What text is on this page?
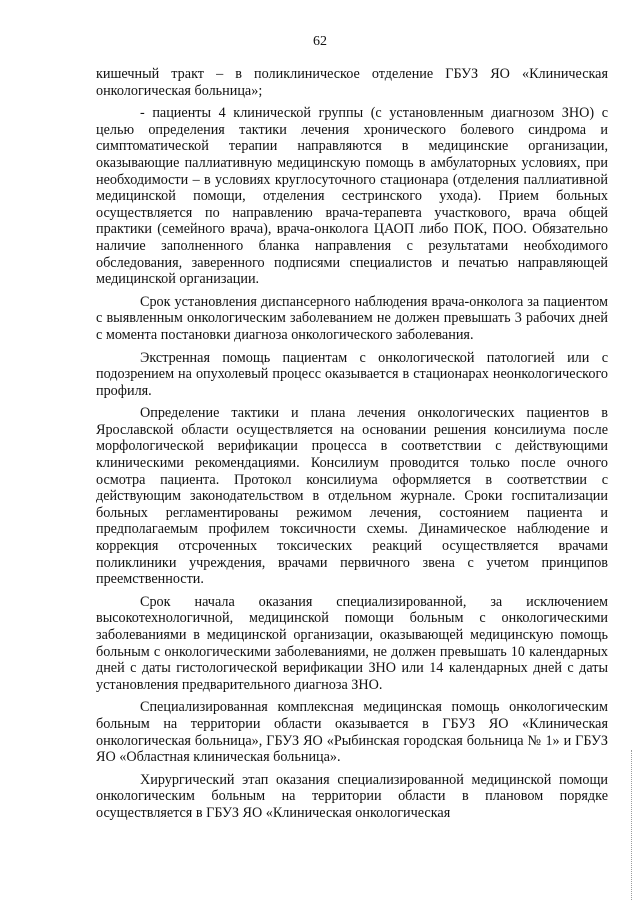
62

кишечный тракт – в поликлиническое отделение ГБУЗ ЯО «Клиническая онкологическая больница»;

- пациенты 4 клинической группы (с установленным диагнозом ЗНО) с целью определения тактики лечения хронического болевого синдрома и симптоматической терапии направляются в медицинские организации, оказывающие паллиативную медицинскую помощь в амбулаторных условиях, при необходимости – в условиях круглосуточного стационара (отделения паллиативной медицинской помощи, отделения сестринского ухода). Прием больных осуществляется по направлению врача-терапевта участкового, врача общей практики (семейного врача), врача-онколога ЦАОП либо ПОК, ПОО. Обязательно наличие заполненного бланка направления с результатами необходимого обследования, заверенного подписями специалистов и печатью направляющей медицинской организации.

Срок установления диспансерного наблюдения врача-онколога за пациентом с выявленным онкологическим заболеванием не должен превышать 3 рабочих дней с момента постановки диагноза онкологического заболевания.

Экстренная помощь пациентам с онкологической патологией или с подозрением на опухолевый процесс оказывается в стационарах неонкологического профиля.

Определение тактики и плана лечения онкологических пациентов в Ярославской области осуществляется на основании решения консилиума после морфологической верификации процесса в соответствии с действующими клиническими рекомендациями. Консилиум проводится только после очного осмотра пациента. Протокол консилиума оформляется в соответствии с действующим законодательством в отдельном журнале. Сроки госпитализации больных регламентированы режимом лечения, состоянием пациента и предполагаемым профилем токсичности схемы. Динамическое наблюдение и коррекция отсроченных токсических реакций осуществляется врачами поликлиники учреждения, врачами первичного звена с учетом принципов преемственности.

Срок начала оказания специализированной, за исключением высокотехнологичной, медицинской помощи больным с онкологическими заболеваниями в медицинской организации, оказывающей медицинскую помощь больным с онкологическими заболеваниями, не должен превышать 10 календарных дней с даты гистологической верификации ЗНО или 14 календарных дней с даты установления предварительного диагноза ЗНО.

Специализированная комплексная медицинская помощь онкологическим больным на территории области оказывается в ГБУЗ ЯО «Клиническая онкологическая больница», ГБУЗ ЯО «Рыбинская городская больница № 1» и ГБУЗ ЯО «Областная клиническая больница».

Хирургический этап оказания специализированной медицинской помощи онкологическим больным на территории области в плановом порядке осуществляется в ГБУЗ ЯО «Клиническая онкологическая
